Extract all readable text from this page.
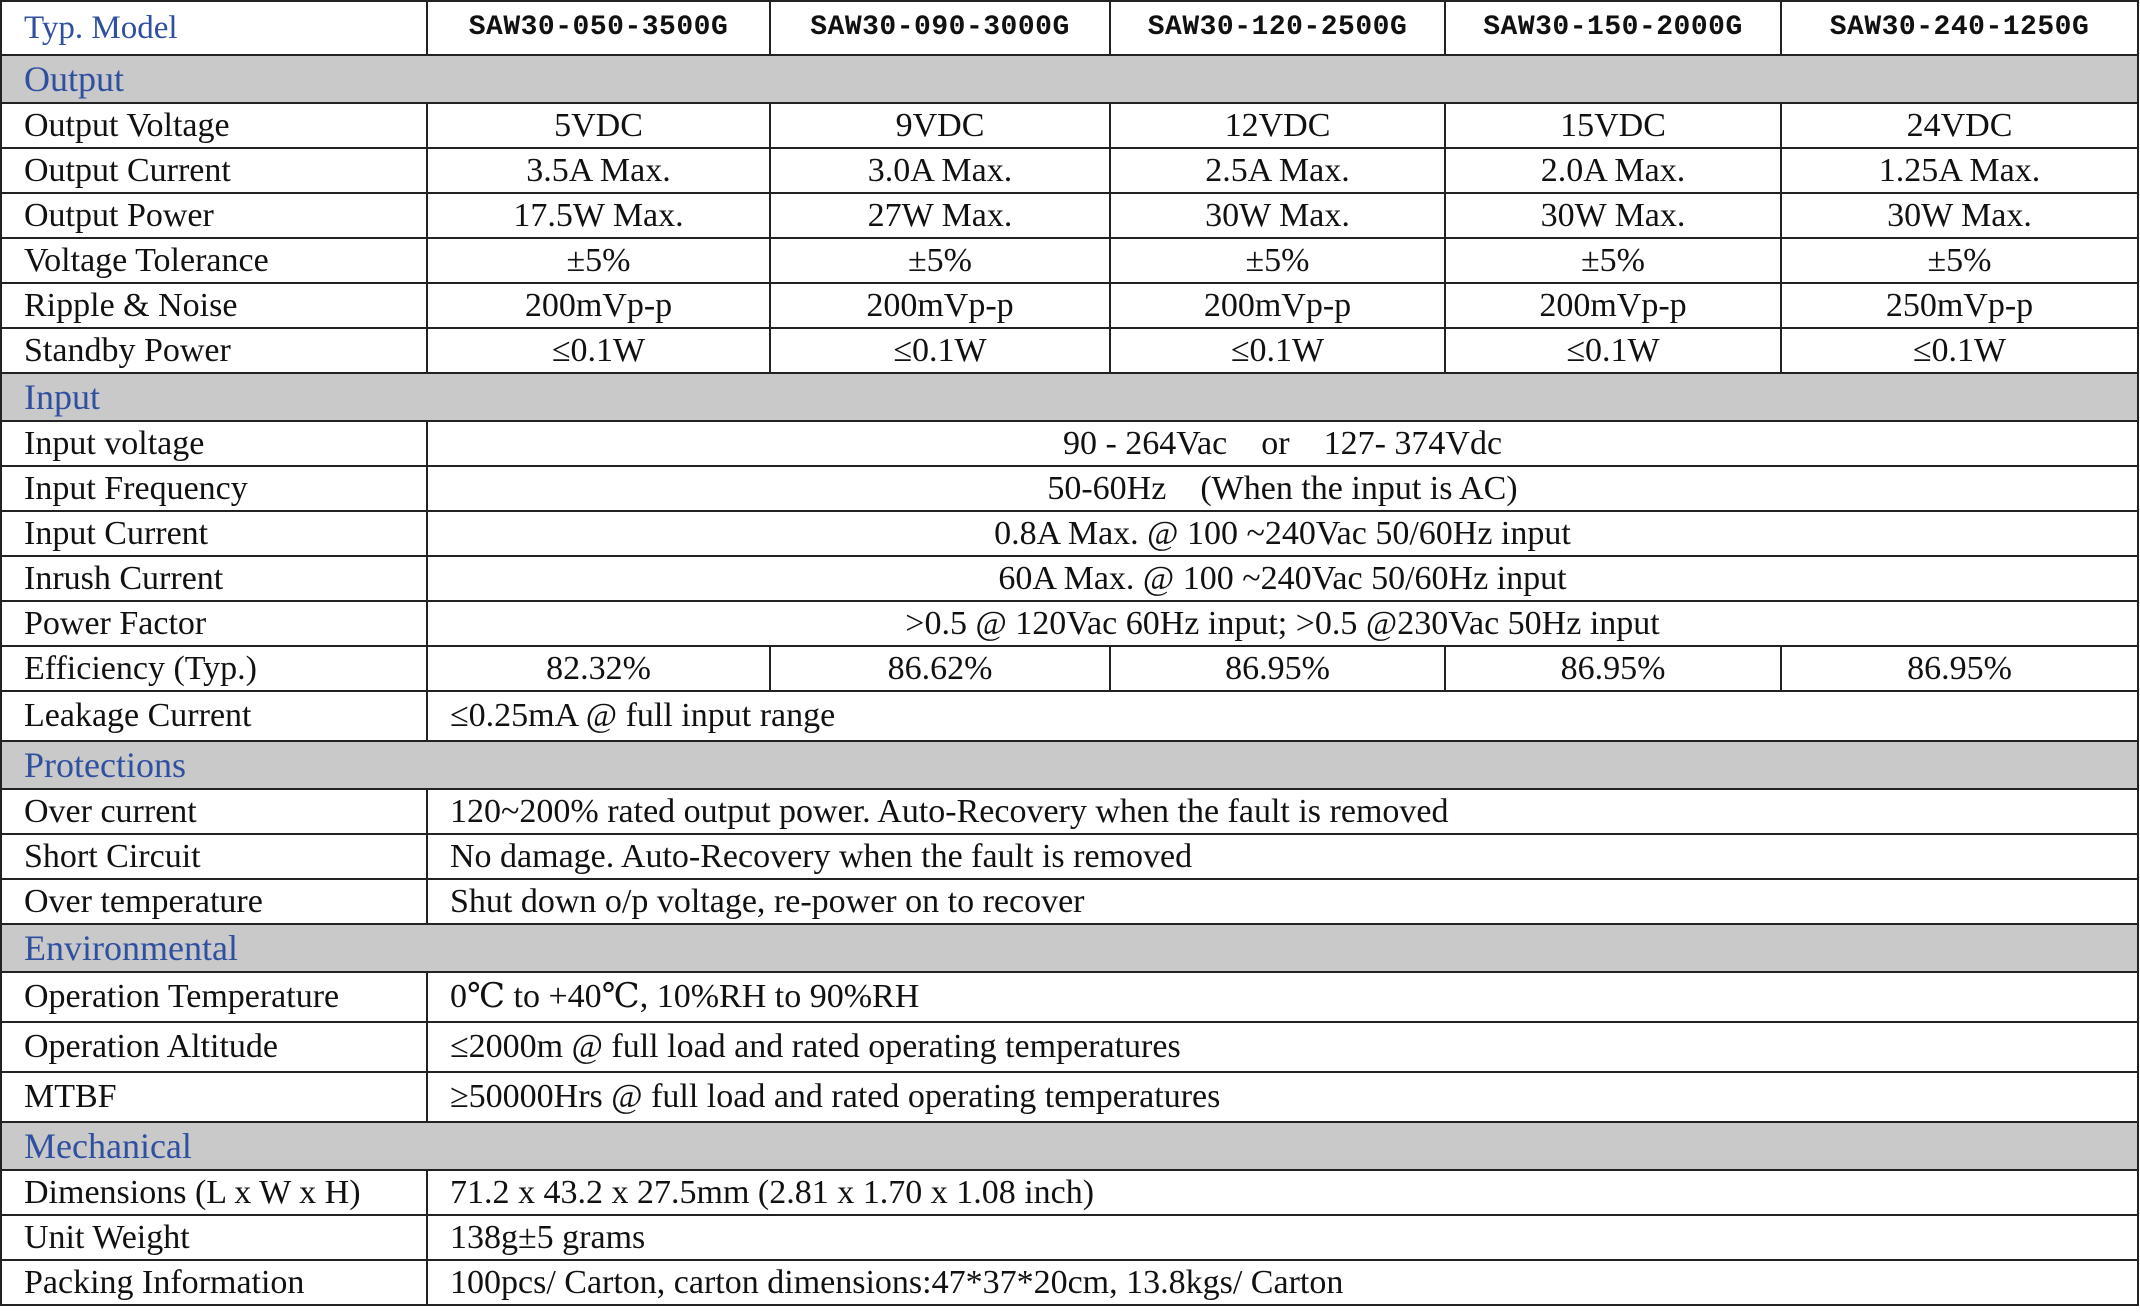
Typ. Model	SAW30-050-3500G	SAW30-090-3000G	SAW30-120-2500G	SAW30-150-2000G	SAW30-240-1250G
Output					
Output Voltage	5VDC	9VDC	12VDC	15VDC	24VDC
Output Current	3.5A Max.	3.0A Max.	2.5A Max.	2.0A Max.	1.25A Max.
Output Power	17.5W Max.	27W Max.	30W Max.	30W Max.	30W Max.
Voltage Tolerance	±5%	±5%	±5%	±5%	±5%
Ripple & Noise	200mVp-p	200mVp-p	200mVp-p	200mVp-p	250mVp-p
Standby Power	≤0.1W	≤0.1W	≤0.1W	≤0.1W	≤0.1W
Input					
Input voltage	90 - 264Vac    or    127- 374Vdc				
Input Frequency	50-60Hz    (When the input is AC)				
Input Current	0.8A Max. @ 100 ~240Vac 50/60Hz input				
Inrush Current	60A Max. @ 100 ~240Vac 50/60Hz input				
Power Factor	>0.5 @ 120Vac 60Hz input; >0.5 @230Vac 50Hz input				
Efficiency (Typ.)	82.32%	86.62%	86.95%	86.95%	86.95%
Leakage Current	≤0.25mA @ full input range				
Protections					
Over current	120~200% rated output power. Auto-Recovery when the fault is removed				
Short Circuit	No damage. Auto-Recovery when the fault is removed				
Over temperature	Shut down o/p voltage, re-power on to recover				
Environmental					
Operation Temperature	0℃ to +40℃, 10%RH to 90%RH				
Operation Altitude	≤2000m @ full load and rated operating temperatures				
MTBF	≥50000Hrs @ full load and rated operating temperatures				
Mechanical					
Dimensions (L x W x H)	71.2 x 43.2 x 27.5mm (2.81 x 1.70 x 1.08 inch)				
Unit Weight	138g±5 grams				
Packing Information	100pcs/ Carton, carton dimensions:47*37*20cm, 13.8kgs/ Carton				
